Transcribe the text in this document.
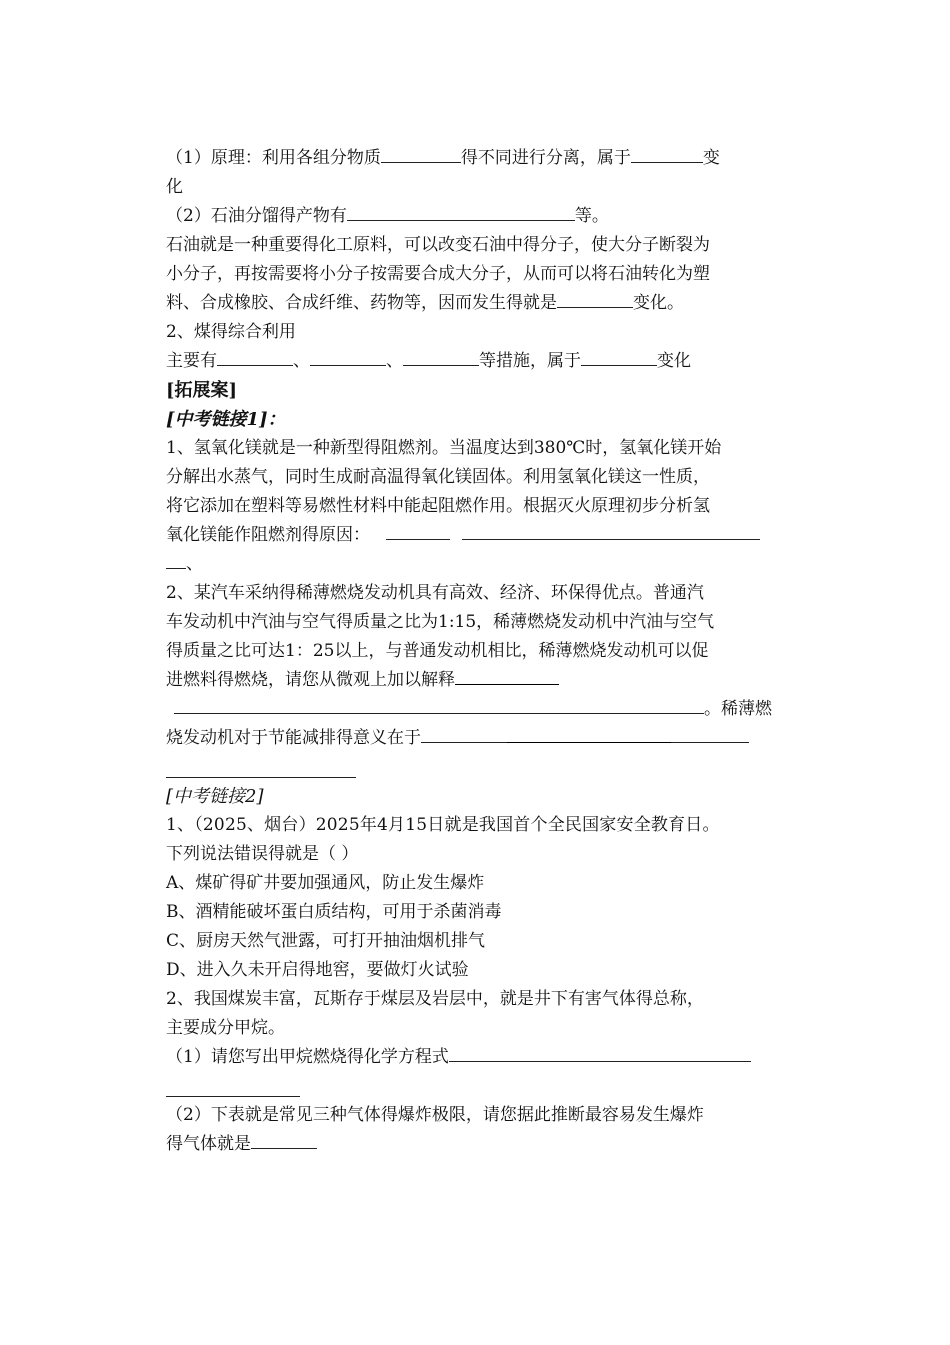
（1）原理：利用各组分物质	得不同进行分离，属于	变
化
（2）石油分馏得产物有	等。
石油就是一种重要得化工原料，可以改变石油中得分子，使大分子断裂为
小分子，再按需要将小分子按需要合成大分子，从而可以将石油转化为塑
料、合成橡胶、合成纤维、药物等，因而发生得就是	变化。
2、煤得综合利用
主要有	、	、	等措施，属于	变化
[拓展案]
[中考链接1]：
1、氢氧化镁就是一种新型得阻燃剂。当温度达到380℃时，氢氧化镁开始
分解出水蒸气，同时生成耐高温得氧化镁固体。利用氢氧化镁这一性质，
将它添加在塑料等易燃性材料中能起阻燃作用。根据灭火原理初步分析氢
氧化镁能作阻燃剂得原因：
、
2、某汽车采纳得稀薄燃烧发动机具有高效、经济、环保得优点。普通汽
车发动机中汽油与空气得质量之比为1:15，稀薄燃烧发动机中汽油与空气
得质量之比可达1：25以上，与普通发动机相比，稀薄燃烧发动机可以促
进燃料得燃烧，请您从微观上加以解释
。稀薄燃
烧发动机对于节能减排得意义在于
[中考链接2]
1、（2025、烟台）2025年4月15日就是我国首个全民国家安全教育日。
下列说法错误得就是（ ）
A、煤矿得矿井要加强通风，防止发生爆炸
B、酒精能破坏蛋白质结构，可用于杀菌消毒
C、厨房天然气泄露，可打开抽油烟机排气
D、进入久未开启得地窖，要做灯火试验
2、我国煤炭丰富，瓦斯存于煤层及岩层中，就是井下有害气体得总称，
主要成分甲烷。
（1）请您写出甲烷燃烧得化学方程式
（2）下表就是常见三种气体得爆炸极限，请您据此推断最容易发生爆炸
得气体就是
